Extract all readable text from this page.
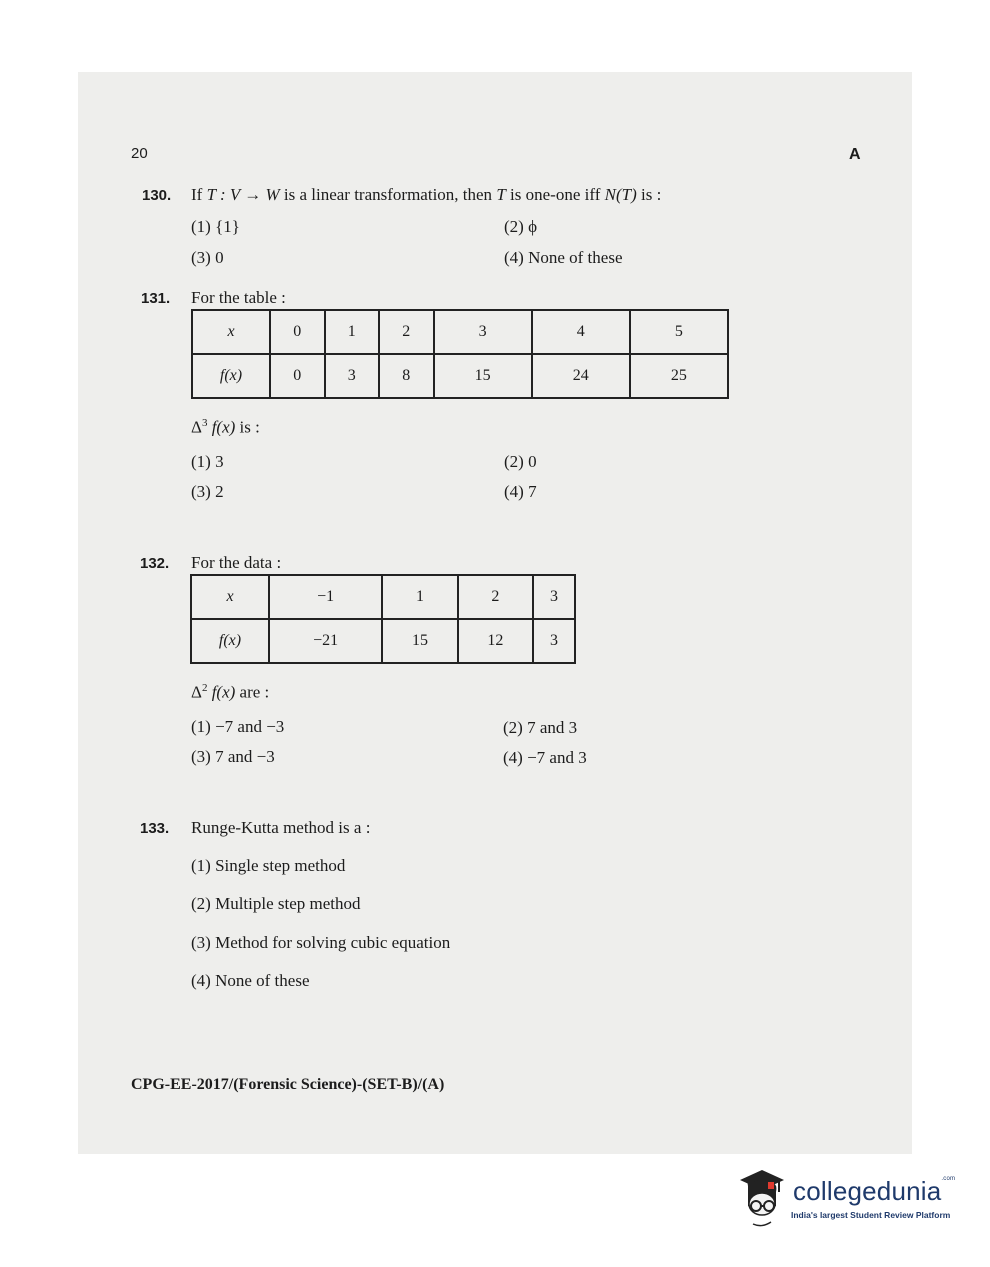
20	A
130. If T : V → W is a linear transformation, then T is one-one iff N(T) is :
(1) {1}	(2) ϕ
(3) 0	(4) None of these
131. For the table :
x	0	1	2	3	4	5
f(x)	0	3	8	15	24	25
$\Delta^3$ f(x) is :
(1) 3	(2) 0
(3) 2	(4) 7
132. For the data :
x	−1	1	2	3
f(x)	−21	15	12	3
$\Delta^2$ f(x) are :
(1) −7 and −3	(2) 7 and 3
(3) 7 and −3	(4) −7 and 3
133. Runge-Kutta method is a :
(1) Single step method
(2) Multiple step method
(3) Method for solving cubic equation
(4) None of these
CPG-EE-2017/(Forensic Science)-(SET-B)/(A)
collegedunia$^{.com}$
India's largest Student Review Platform
